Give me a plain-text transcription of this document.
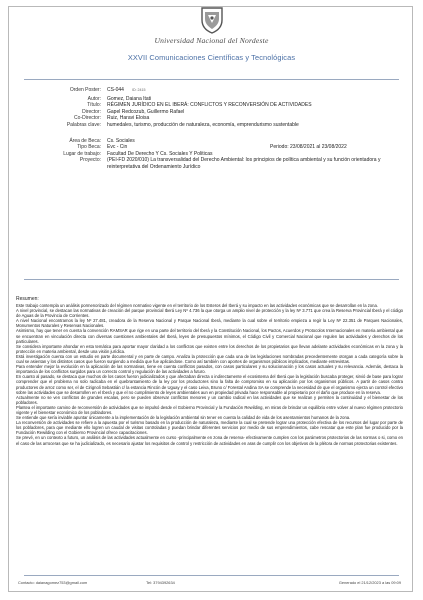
Universidad Nacional del Nordeste
XXVII Comunicaciones Científicas y Tecnológicas
Orden Poster: CS-044 ID: 2415
Autor: Gomez, Daiana Itati
Título: RÉGIMEN JURÍDICO EN EL IBERÁ: CONFLICTOS Y RECONVERSIÓN DE ACTIVIDADES
Director: Gapel Redcozub, Guillermo Rafael
Co-Director: Ruiz, Haravi Eloisa
Palabras clave: humedales, turismo, producción de naturaleza, economía, emprendurismo sustentable
Área de Beca: Cs. Sociales
Tipo Beca: Evc - Cin	Periodo: 23/08/2021 al 23/08/2022
Lugar de trabajo: Facultad De Derecho Y Cs. Sociales Y Politicas
Proyecto: (PEI-FD 2020/010) La transversalidad del Derecho Ambiental: los principios de política ambiental y su función orientadora y reinterpretativa del Ordenamiento Jurídico
Resumen:

Este trabajo contempla un análisis pormenorizado del régimen normativo vigente en el territorio de los Esteros del Iberá y su impacto en las actividades económicas que se desarrollan en la zona.

A nivel provincial, se destacan las normativas de creación del parque provincial Iberá Ley Nº 4.736 la que otorga un amplio nivel de protección y la ley Nº 3.771 que crea la Reserva Provincial Iberá y el código de Aguas de la Provincia de Corrientes.

A nivel Nacional encontramos la ley Nº 27.481, creadora de la Reserva Nacional y Parque Nacional Iberá, mediante la cual sobre el territorio empieza a regir la Ley Nº 22.351 de Parques Nacionales, Monumentos Naturales y Reservas Nacionales.

Asimismo, hay que tener en cuenta la convención RAMSAR que rige en una parte del territorio del Iberá y la Constitución Nacional, los Pactos, Acuerdos y Protocolos Internacionales en materia ambiental que se encuentran en vinculación directa con diversas cuestiones ambientales del Iberá, leyes de presupuestos mínimos, el Código Civil y Comercial Nacional que regulen las actividades y derechos de los particulares.

Se considera importante ahondar en esta temática para aportar mayor claridad a los conflictos que existen entre los derechos de los propietarios que llevan adelante actividades económicas en la zona y la protección en materia ambiental, desde una visión jurídica.

Está investigación cuenta con un estudio en parte documental y en parte de campo. Analiza la protección que cada una de las legislaciones nombradas precedentemente otorgan a cada categoría sobre la cual se asientan y los distintos casos que fueron surgiendo a medida que fue aplicándose. Como así también con aportes de organismos públicos implicados, mediante entrevistas.

Para entender mejor la evolución en la aplicación de las normativas, tiene en cuenta conflictos pasados, con casos particulares y su solucionación y los casos actuales y su relevancia. Además, destaca la importancia de los conflictos surgidos para un correcto control y regulación de las actividades a futuro.

En cuanto al pasado, se destaca que muchos de los casos fueron judicializados y que afectaban directa o indirectamente el ecosistema del Iberá que la legislación buscaba proteger, sirvió de base para lograr comprender que el problema no solo radicaba en el quebrantamiento de la ley por los productores sino la falta de compromiso en su aplicación por los organismos públicos. A partir de casos contra productores de arroz como ser, el de Cirignoli Sebastián c/ la estancia Rincón de Uguay y el caso Leiva, Bruno c/ Forestal Andina SA se comprende la necesidad de que el organismo ejerza un control efectivo sobre las actividades que se desarrollen en el Iberá y que el no cumplimiento de leyes ambientales aun en propiedad privada hace responsable al propietario por el daño que produce en la reserva.

Actualmente no se ven conflictos de grandes escalas, pero se pueden observar conflictos menores y un cambio radical en las actividades que se realizan y permiten la continuidad y el bienestar de los pobladores.

Plantea el importante camino de reconversión de actividades que se impulsó desde el Gobierno Provincial y la Fundación Rewilding, en miras de brindar un equilibrio entre volver al nuevo régimen protectorio vigente y el bienestar económico de los pobladores.

Se entiende que sería inviable apuntar únicamente a la implementación de la legislación ambiental sin tener en cuenta la calidad de vida de los asentamientos humanos de la zona.

La reconversión de actividades se refiere a la apuesta por el turismo basado en la producción de naturaleza, mediante la cual se pretende lograr una protección efectiva de los recursos del lugar por parte de los pobladores, para que mediante ello logren un caudal de visitas controladas y puedan brindar diferentes servicios por medio de sus emprendimientos, cabe rescatar que este plan fue producido por la Fundación Rewilding con el Gobierno Provincial ofrece capacitaciones.

Se prevé, en un contexto a futuro, un análisis de las actividades actualmente en curso -principalmente en zona de reserva- efectivamente cumplen con los parámetros protectorios de las normas o si, como en el caso de las arroceras que se ha judicializado, es necesario ajustar los requisitos de control y restricción de actividades en aras de cumplir con los objetivos de la plétora de normas protectorias existentes.

Contacto: daianagomez753@gmail.com	Tel: 3794392634	Generado el 21/12/2023 a las 09:09
